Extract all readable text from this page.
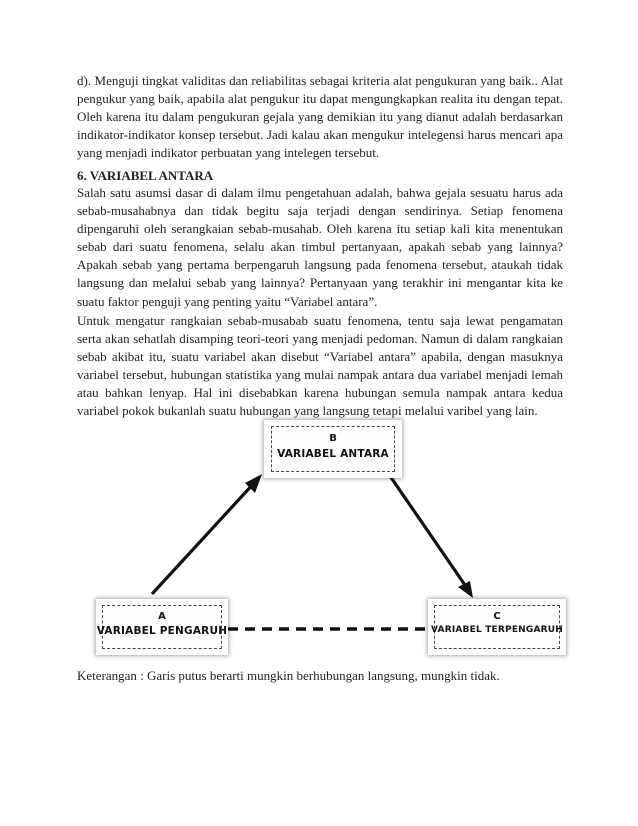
d). Menguji tingkat validitas dan reliabilitas sebagai kriteria alat pengukuran yang baik.. Alat pengukur yang baik, apabila alat pengukur itu dapat mengungkapkan realita itu dengan tepat. Oleh karena itu dalam pengukuran gejala yang demikian itu yang dianut adalah berdasarkan indikator-indikator konsep tersebut. Jadi kalau akan mengukur intelegensi harus mencari apa yang menjadi indikator perbuatan yang intelegen tersebut.

6. VARIABEL ANTARA

Salah satu asumsi dasar di dalam ilmu pengetahuan adalah, bahwa gejala sesuatu harus ada sebab-musahabnya dan tidak begitu saja terjadi dengan sendirinya. Setiap fenomena dipengaruhi oleh serangkaian sebab-musahab. Oleh karena itu setiap kali kita menentukan sebab dari suatu fenomena, selalu akan timbul pertanyaan, apakah sebab yang lainnya? Apakah sebab yang pertama berpengaruh langsung pada fenomena tersebut, ataukah tidak langsung dan melalui sebab yang lainnya? Pertanyaan yang terakhir ini mengantar kita ke suatu faktor penguji yang penting yaitu “Variabel antara”.

Untuk mengatur rangkaian sebab-musabab suatu fenomena, tentu saja lewat pengamatan serta akan sehatlah disamping teori-teori yang menjadi pedoman. Namun di dalam rangkaian sebab akibat itu, suatu variabel akan disebut “Variabel antara” apabila, dengan masuknya variabel tersebut, hubungan statistika yang mulai nampak antara dua variabel menjadi lemah atau bahkan lenyap. Hal ini disebabkan karena hubungan semula nampak antara kedua variabel pokok bukanlah suatu hubungan yang langsung tetapi melalui varibel yang lain.

B
VARIABEL ANTARA
A
VARIABEL PENGARUH
C
VARIABEL TERPENGARUH

Keterangan : Garis putus berarti mungkin berhubungan langsung, mungkin tidak.
